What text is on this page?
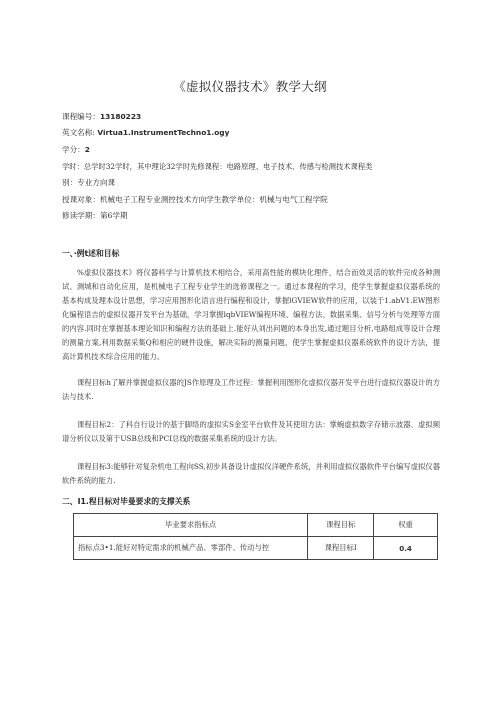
《虚拟仪器技术》教学大纲
课程编号：13180223
英文名称: Virtua1.InstrumentTechno1.ogy
学分：2
学时：总学时32学时，其中理论32学时先修课程：电路原理、电子技术、传感与检测技术课程类
别：专业方向课
授课对象：机械电子工程专业测控技术方向学生教学单位：机械与电气工程学院
修读学期：第6学期
一、·例t述和目标
%虚拟仪器技术》将仪器科学与计算机技术相结合，采用高性能的模块化理件，结合而效灵活的软件完成各种测试、测城和自动化应用，是机械电子工程专业学生的选修课程之一。通过本课程的学习，使学生掌握虚拟仪器系统的基本构成及理本设计思想，学习应用图形化语言进行编程和设计，掌握lGVIEW软件的应用，以装于1.abV1.EW图形化编程语吉的虚拟仪器开发平台为基础，学习掌握lqbVIEW编程环境、编程方法、数据采集、信号分析与处理等方面的内容.同时在掌握基本理论知识和编程方法的基础上.能好从刘出问题的本身出发,通过题目分析,电路组成等设计合理的测量方案,利用数据采集Q和相应的硬件设施，解决实际的测量问题，使学生掌握虚拟仪器系统软件的设计方法，提高计算机技术综合应用的能力。
课程目标h了解并掌握虚拟仪器的JS作原理及工作过程：掌握利用图形化虚拟仪器开发平台进行虚拟仪器设计的方法与技术.
课程目标2：了科自行设计的基于脚络的虚拟实S金室平台软件及其使用方法：掌蜿虚拟数字存储示波器、虚拟频谱分析仪以及第于USB总线和PCI总线的数据采集系统的设计方法。
课程目标3:能够针对复杂机电工程向SS,初步具备设计虚拟仪洋硬件系统，并利用虚拟仪器软件平台编写虚拟仪器软件系统的能力.
二、I1.程目标对毕曼要求的支撑关系
毕业要求指标点	课程目标	权重
指标点3•1.能好对特定需求的机械产品、零部件、传动与控	课程目标I	0.4
